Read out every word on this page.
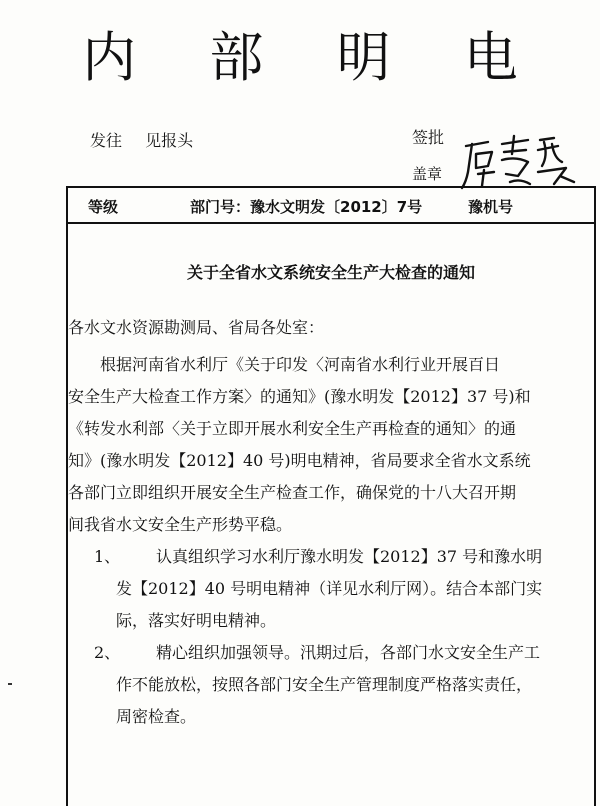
内 部 明 电
发往 见报头	签批
盖章
等级	部门号：豫水文明发〔2012〕7号	豫机号
关于全省水文系统安全生产大检查的通知
各水文水资源勘测局、省局各处室：

根据河南省水利厅《关于印发〈河南省水利行业开展百日

安全生产大检查工作方案〉的通知》(豫水明发【2012】37 号)和

《转发水利部〈关于立即开展水利安全生产再检查的通知〉的通

知》(豫水明发【2012】40 号)明电精神，省局要求全省水文系统

各部门立即组织开展安全生产检查工作，确保党的十八大召开期

间我省水文安全生产形势平稳。

1、	认真组织学习水利厅豫水明发【2012】37 号和豫水明

发【2012】40 号明电精神（详见水利厅网）。结合本部门实

际，落实好明电精神。

2、	精心组织加强领导。汛期过后，各部门水文安全生产工

作不能放松，按照各部门安全生产管理制度严格落实责任，

周密检查。
